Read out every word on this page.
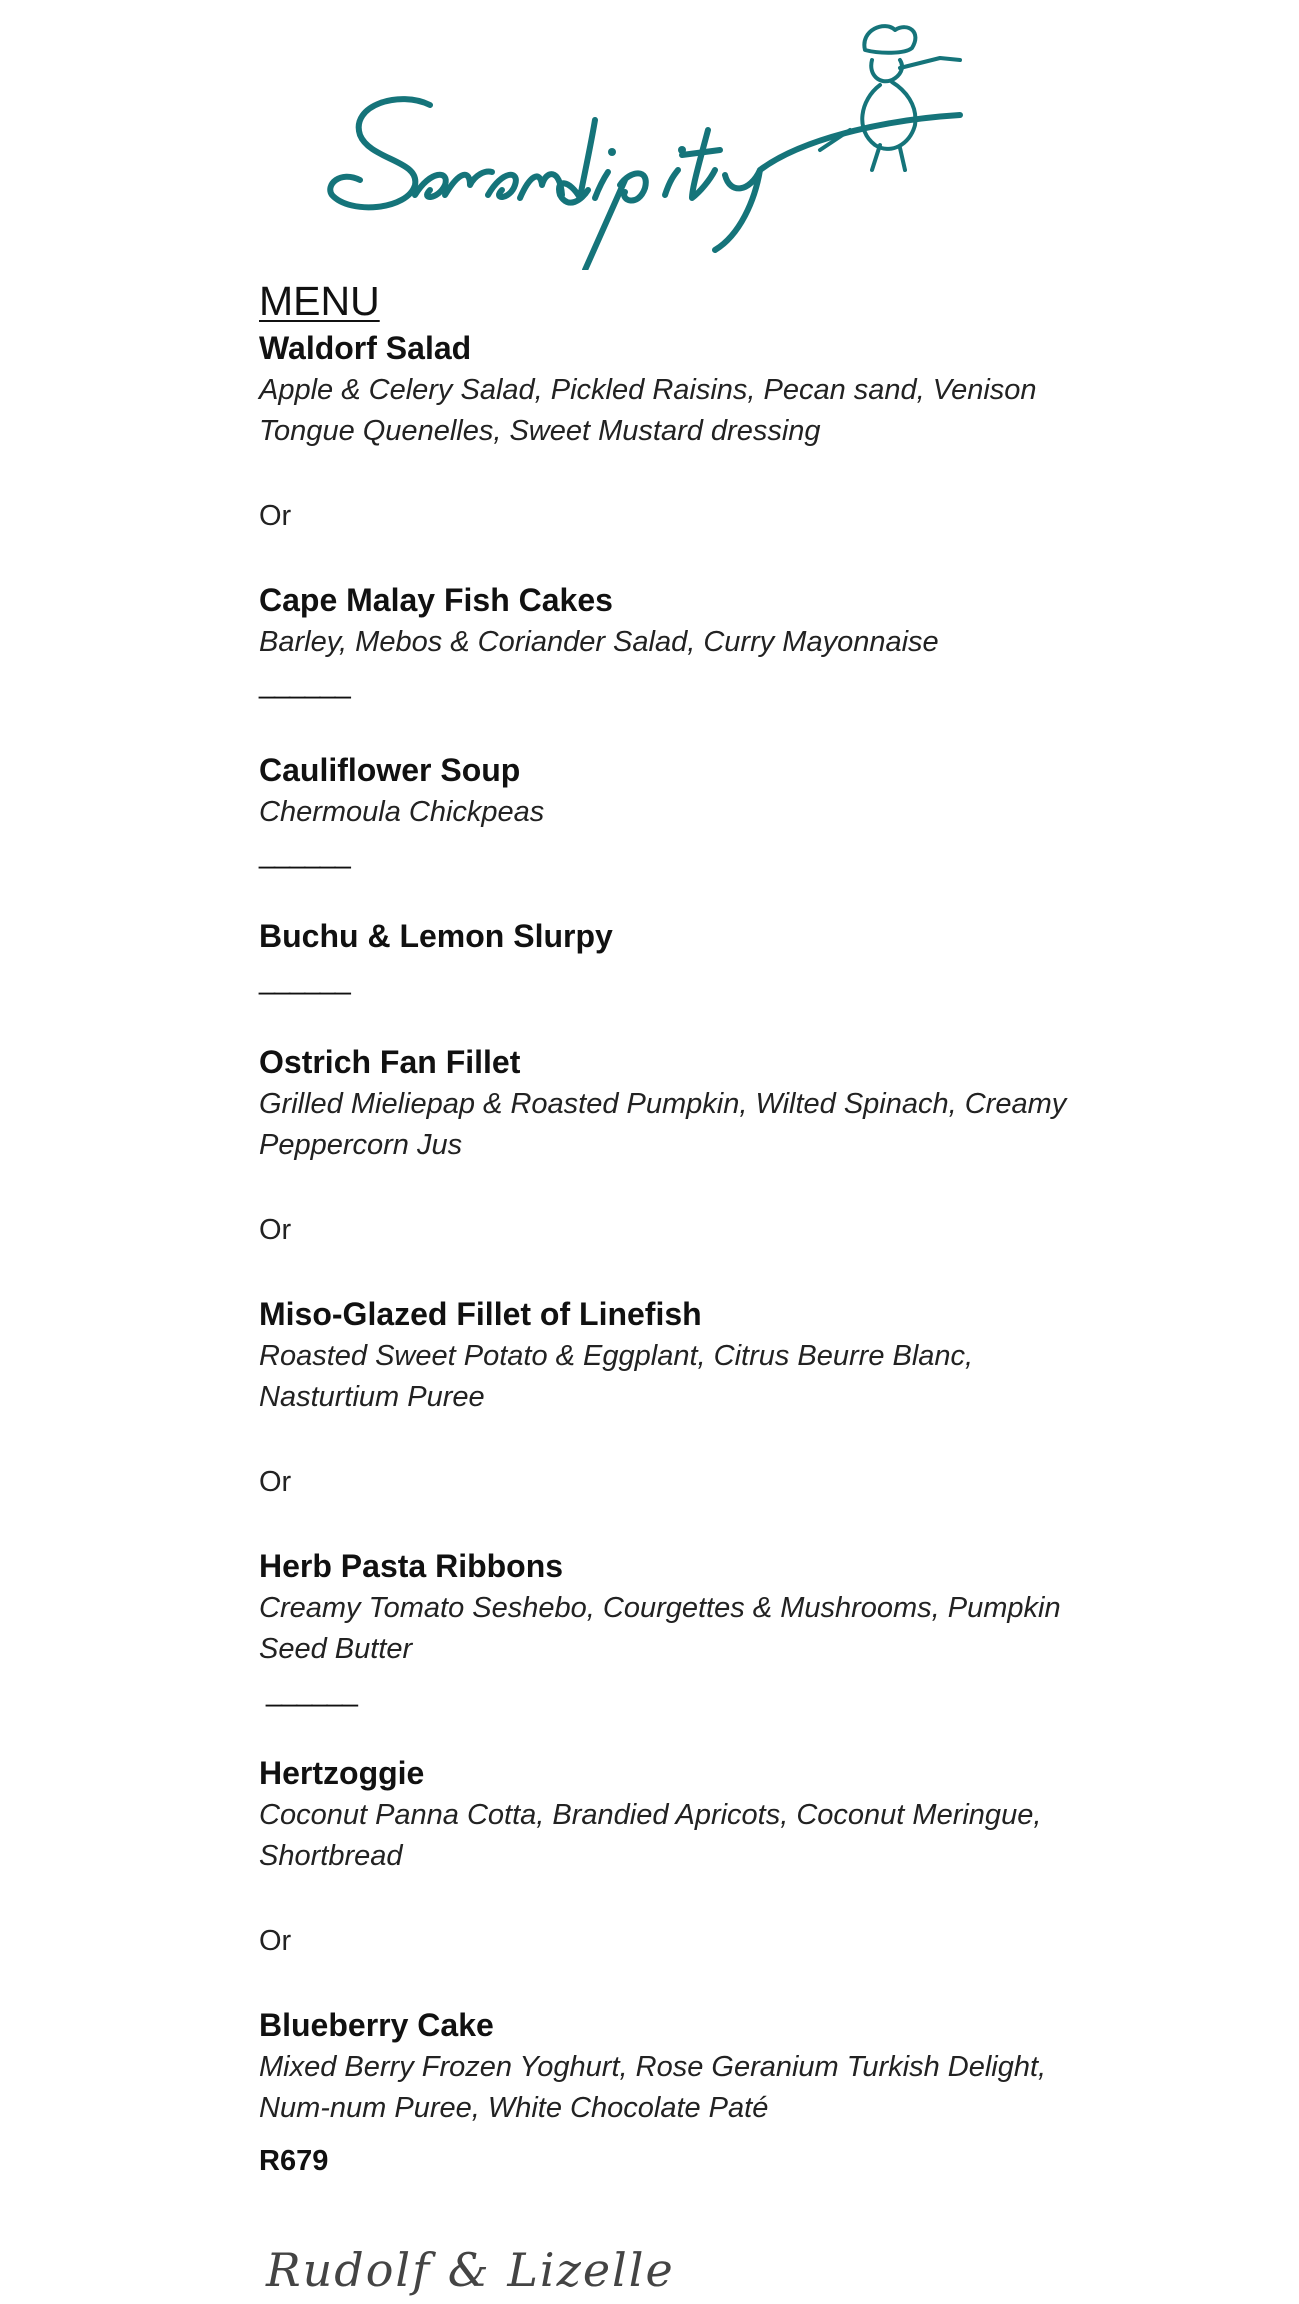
MENU
Waldorf Salad
Apple & Celery Salad, Pickled Raisins, Pecan sand, Venison
Tongue Quenelles, Sweet Mustard dressing
Or
Cape Malay Fish Cakes
Barley, Mebos & Coriander Salad, Curry Mayonnaise
______
Cauliflower Soup
Chermoula Chickpeas
______
Buchu & Lemon Slurpy
______
Ostrich Fan Fillet
Grilled Mieliepap & Roasted Pumpkin, Wilted Spinach, Creamy
Peppercorn Jus
Or
Miso-Glazed Fillet of Linefish
Roasted Sweet Potato & Eggplant, Citrus Beurre Blanc,
Nasturtium Puree
Or
Herb Pasta Ribbons
Creamy Tomato Seshebo, Courgettes & Mushrooms, Pumpkin
Seed Butter
______
Hertzoggie
Coconut Panna Cotta, Brandied Apricots, Coconut Meringue,
Shortbread
Or
Blueberry Cake
Mixed Berry Frozen Yoghurt, Rose Geranium Turkish Delight,
Num-num Puree, White Chocolate Paté
R679
Rudolf & Lizelle
